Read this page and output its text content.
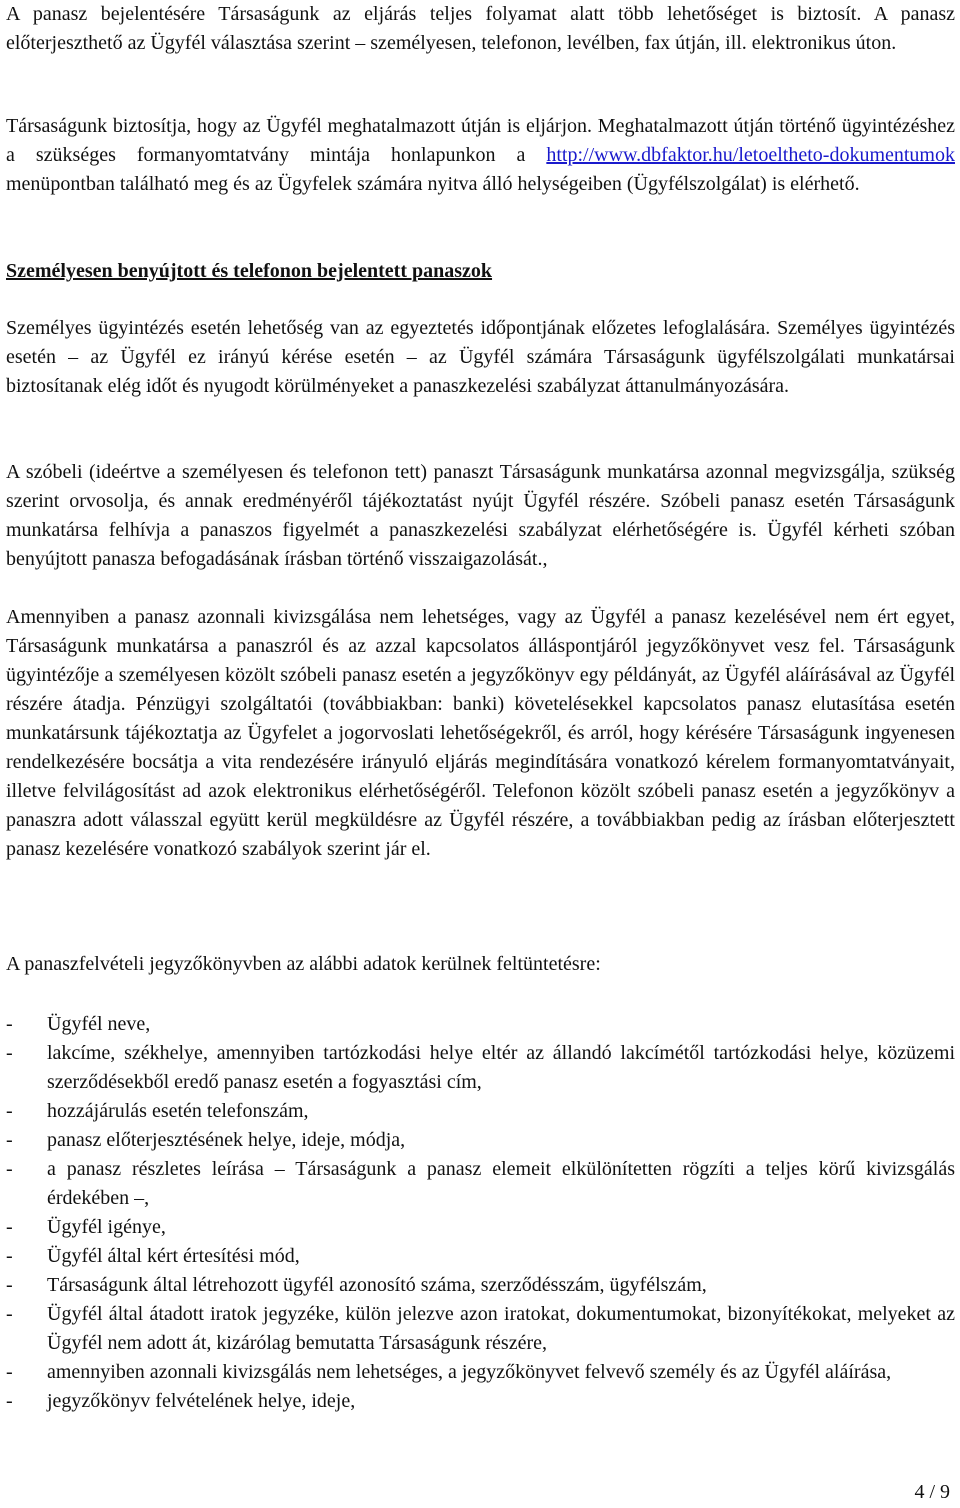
A panasz bejelentésére Társaságunk az eljárás teljes folyamat alatt több lehetőséget is biztosít. A panasz előterjeszthető az Ügyfél választása szerint – személyesen, telefonon, levélben, fax útján, ill. elektronikus úton.

Társaságunk biztosítja, hogy az Ügyfél meghatalmazott útján is eljárjon. Meghatalmazott útján történő ügyintézéshez a szükséges formanyomtatvány mintája honlapunkon a http://www.dbfaktor.hu/letoeltheto-dokumentumok menüpontban található meg és az Ügyfelek számára nyitva álló helységeiben (Ügyfélszolgálat) is elérhető.

Személyesen benyújtott és telefonon bejelentett panaszok

Személyes ügyintézés esetén lehetőség van az egyeztetés időpontjának előzetes lefoglalására. Személyes ügyintézés esetén – az Ügyfél ez irányú kérése esetén – az Ügyfél számára Társaságunk ügyfélszolgálati munkatársai biztosítanak elég időt és nyugodt körülményeket a panaszkezelési szabályzat áttanulmányozására.

A szóbeli (ideértve a személyesen és telefonon tett) panaszt Társaságunk munkatársa azonnal megvizsgálja, szükség szerint orvosolja, és annak eredményéről tájékoztatást nyújt Ügyfél részére. Szóbeli panasz esetén Társaságunk munkatársa felhívja a panaszos figyelmét a panaszkezelési szabályzat elérhetőségére is. Ügyfél kérheti szóban benyújtott panasza befogadásának írásban történő visszaigazolását.,

Amennyiben a panasz azonnali kivizsgálása nem lehetséges, vagy az Ügyfél a panasz kezelésével nem ért egyet, Társaságunk munkatársa a panaszról és az azzal kapcsolatos álláspontjáról jegyzőkönyvet vesz fel. Társaságunk ügyintézője a személyesen közölt szóbeli panasz esetén a jegyzőkönyv egy példányát, az Ügyfél aláírásával az Ügyfél részére átadja. Pénzügyi szolgáltatói (továbbiakban: banki) követelésekkel kapcsolatos panasz elutasítása esetén munkatársunk tájékoztatja az Ügyfelet a jogorvoslati lehetőségekről, és arról, hogy kérésére Társaságunk ingyenesen rendelkezésére bocsátja a vita rendezésére irányuló eljárás megindítására vonatkozó kérelem formanyomtatványait, illetve felvilágosítást ad azok elektronikus elérhetőségéről. Telefonon közölt szóbeli panasz esetén a jegyzőkönyv a panaszra adott válasszal együtt kerül megküldésre az Ügyfél részére, a továbbiakban pedig az írásban előterjesztett panasz kezelésére vonatkozó szabályok szerint jár el.

A panaszfelvételi jegyzőkönyvben az alábbi adatok kerülnek feltüntetésre:

- Ügyfél neve,
- lakcíme, székhelye, amennyiben tartózkodási helye eltér az állandó lakcímétől tartózkodási helye, közüzemi szerződésekből eredő panasz esetén a fogyasztási cím,
- hozzájárulás esetén telefonszám,
- panasz előterjesztésének helye, ideje, módja,
- a panasz részletes leírása – Társaságunk a panasz elemeit elkülönítetten rögzíti a teljes körű kivizsgálás érdekében –,
- Ügyfél igénye,
- Ügyfél által kért értesítési mód,
- Társaságunk által létrehozott ügyfél azonosító száma, szerződésszám, ügyfélszám,
- Ügyfél által átadott iratok jegyzéke, külön jelezve azon iratokat, dokumentumokat, bizonyítékokat, melyeket az Ügyfél nem adott át, kizárólag bemutatta Társaságunk részére,
- amennyiben azonnali kivizsgálás nem lehetséges, a jegyzőkönyvet felvevő személy és az Ügyfél aláírása,
- jegyzőkönyv felvételének helye, ideje,
4 / 9
